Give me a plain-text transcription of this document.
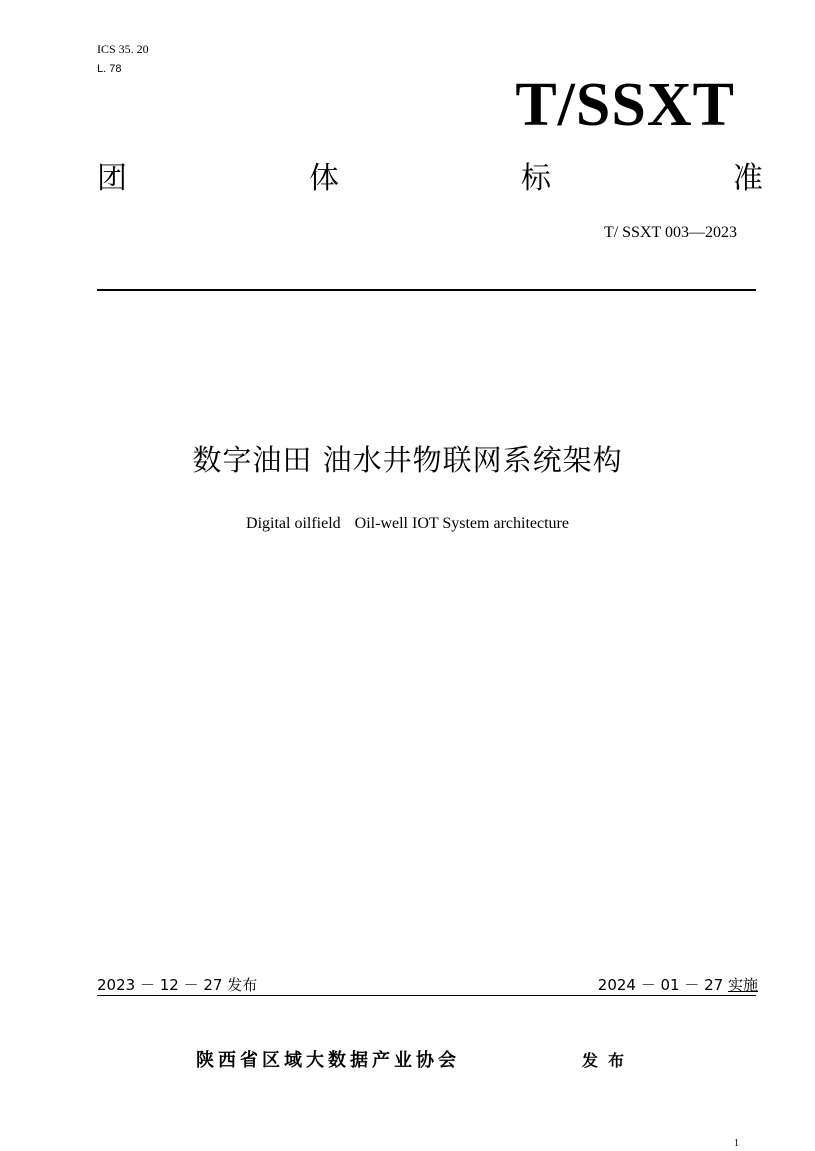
ICS 35. 20
L. 78
T/SSXT
团	体	标	准
T/ SSXT 003—2023
数字油田 油水井物联网系统架构
Digital oilfield Oil-well IOT System architecture
2023 － 12 － 27 发布	2024 － 01 － 27 实施
陕西省区域大数据产业协会	发布
1
